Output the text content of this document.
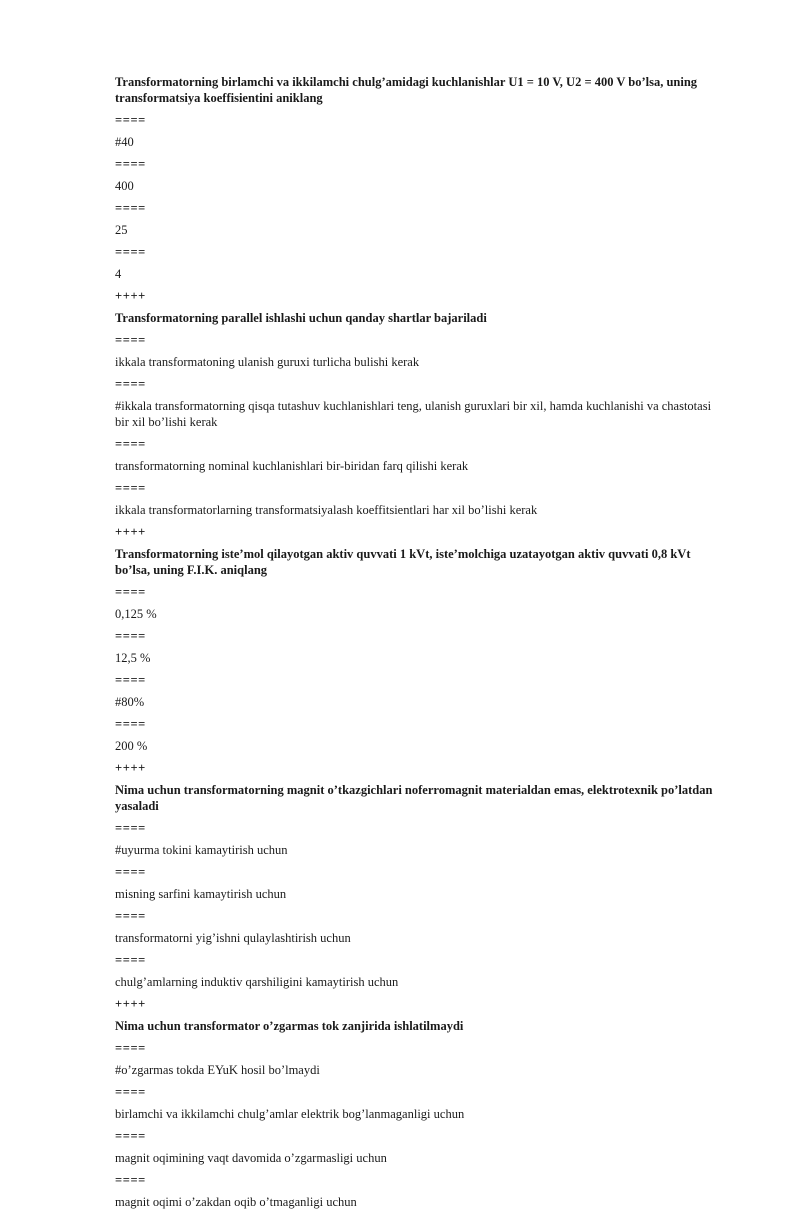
Transformatorning birlamchi va ikkilamchi chulg’amidagi kuchlanishlar U1 = 10 V, U2 = 400 V bo’lsa, uning transformatsiya koeffisientini aniklang
====
#40
====
400
====
25
====
4
++++
Transformatorning parallel ishlashi uchun qanday shartlar bajariladi
====
ikkala transformatoning ulanish guruxi turlicha bulishi kerak
====
#ikkala transformatorning qisqa tutashuv kuchlanishlari teng, ulanish guruxlari bir xil, hamda kuchlanishi va chastotasi bir xil bo’lishi kerak
====
transformatorning nominal kuchlanishlari bir-biridan farq qilishi kerak
====
ikkala transformatorlarning transformatsiyalash koeffitsientlari har xil bo’lishi kerak
++++
Transformatorning iste’mol qilayotgan aktiv quvvati 1 kVt, iste’molchiga uzatayotgan aktiv quvvati 0,8 kVt bo’lsa, uning F.I.K. aniqlang
====
0,125 %
====
12,5 %
====
#80%
====
200 %
++++
Nima uchun transformatorning magnit o’tkazgichlari noferromagnit materialdan emas, elektrotexnik po’latdan yasaladi
====
#uyurma tokini kamaytirish uchun
====
misning sarfini kamaytirish uchun
====
transformatorni yig’ishni qulaylashtirish uchun
====
chulg’amlarning induktiv qarshiligini kamaytirish uchun
++++
Nima uchun transformator o’zgarmas tok zanjirida ishlatilmaydi
====
#o’zgarmas tokda EYuK hosil bo’lmaydi
====
birlamchi va ikkilamchi chulg’amlar elektrik bog’lanmaganligi uchun
====
magnit oqimining vaqt davomida o’zgarmasligi uchun
====
magnit oqimi o’zakdan oqib o’tmaganligi uchun
